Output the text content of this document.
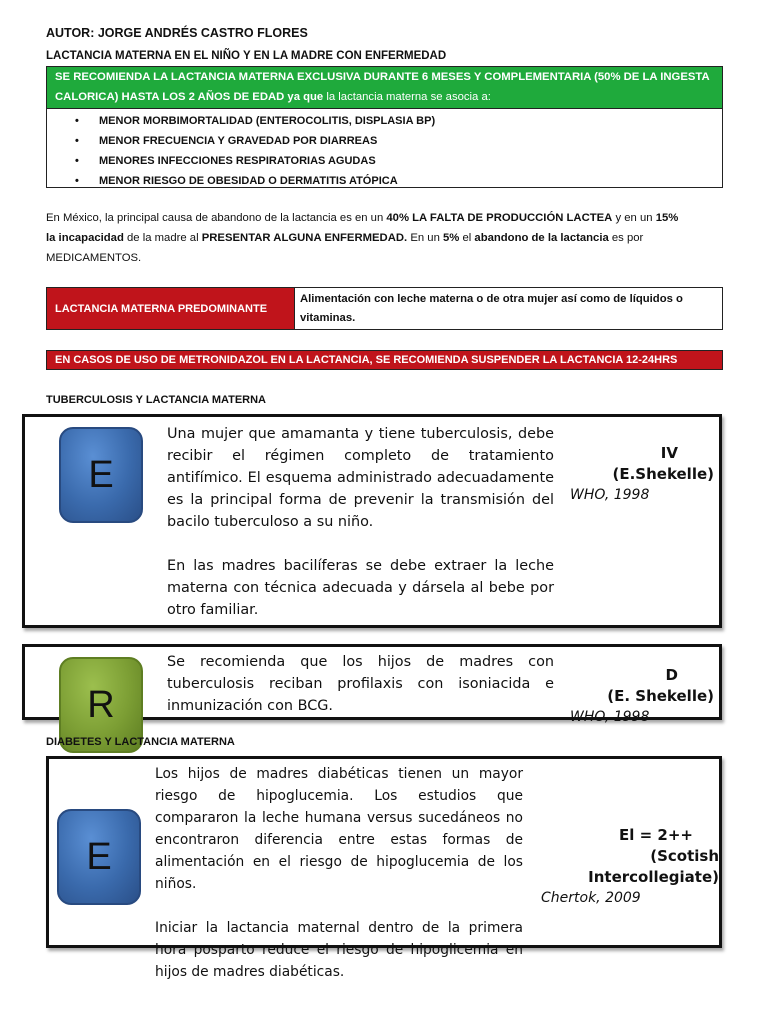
AUTOR: JORGE ANDRÉS CASTRO FLORES
LACTANCIA MATERNA EN EL NIÑO Y EN LA MADRE CON ENFERMEDAD
SE RECOMIENDA LA LACTANCIA MATERNA EXCLUSIVA DURANTE 6 MESES Y COMPLEMENTARIA (50% DE LA INGESTA CALORICA) HASTA LOS 2 AÑOS DE EDAD ya que la lactancia materna se asocia a:
• MENOR MORBIMORTALIDAD (ENTEROCOLITIS, DISPLASIA BP)
• MENOR FRECUENCIA Y GRAVEDAD POR DIARREAS
• MENORES INFECCIONES RESPIRATORIAS AGUDAS
• MENOR RIESGO DE OBESIDAD O DERMATITIS ATÓPICA
En México, la principal causa de abandono de la lactancia es en un 40% LA FALTA DE PRODUCCIÓN LACTEA y en un 15%
la incapacidad de la madre al PRESENTAR ALGUNA ENFERMEDAD. En un 5% el abandono de la lactancia es por MEDICAMENTOS.
LACTANCIA MATERNA PREDOMINANTE
Alimentación con leche materna o de otra mujer así como de líquidos o vitaminas.
EN CASOS DE USO DE METRONIDAZOL EN LA LACTANCIA, SE RECOMIENDA SUSPENDER LA LACTANCIA 12-24HRS
TUBERCULOSIS Y LACTANCIA MATERNA
E

Una mujer que amamanta y tiene tuberculosis, debe recibir el régimen completo de tratamiento antifímico. El esquema administrado adecuadamente es la principal forma de prevenir la transmisión del bacilo tuberculoso a su niño.

En las madres bacilíferas se debe extraer la leche materna con técnica adecuada y dársela al bebe por otro familiar.

IV
(E.Shekelle)
WHO, 1998
R

Se recomienda que los hijos de madres con tuberculosis reciban profilaxis con isoniacida e inmunización con BCG.

D
(E. Shekelle)
WHO, 1998
DIABETES Y LACTANCIA MATERNA
E

Los hijos de madres diabéticas tienen un mayor riesgo de hipoglucemia. Los estudios que compararon la leche humana versus sucedáneos no encontraron diferencia entre estas formas de alimentación en el riesgo de hipoglucemia de los niños.

Iniciar la lactancia maternal dentro de la primera hora posparto reduce el riesgo de hipoglicemia en hijos de madres diabéticas.

El = 2++
(Scotish Intercollegiate)
Chertok, 2009
